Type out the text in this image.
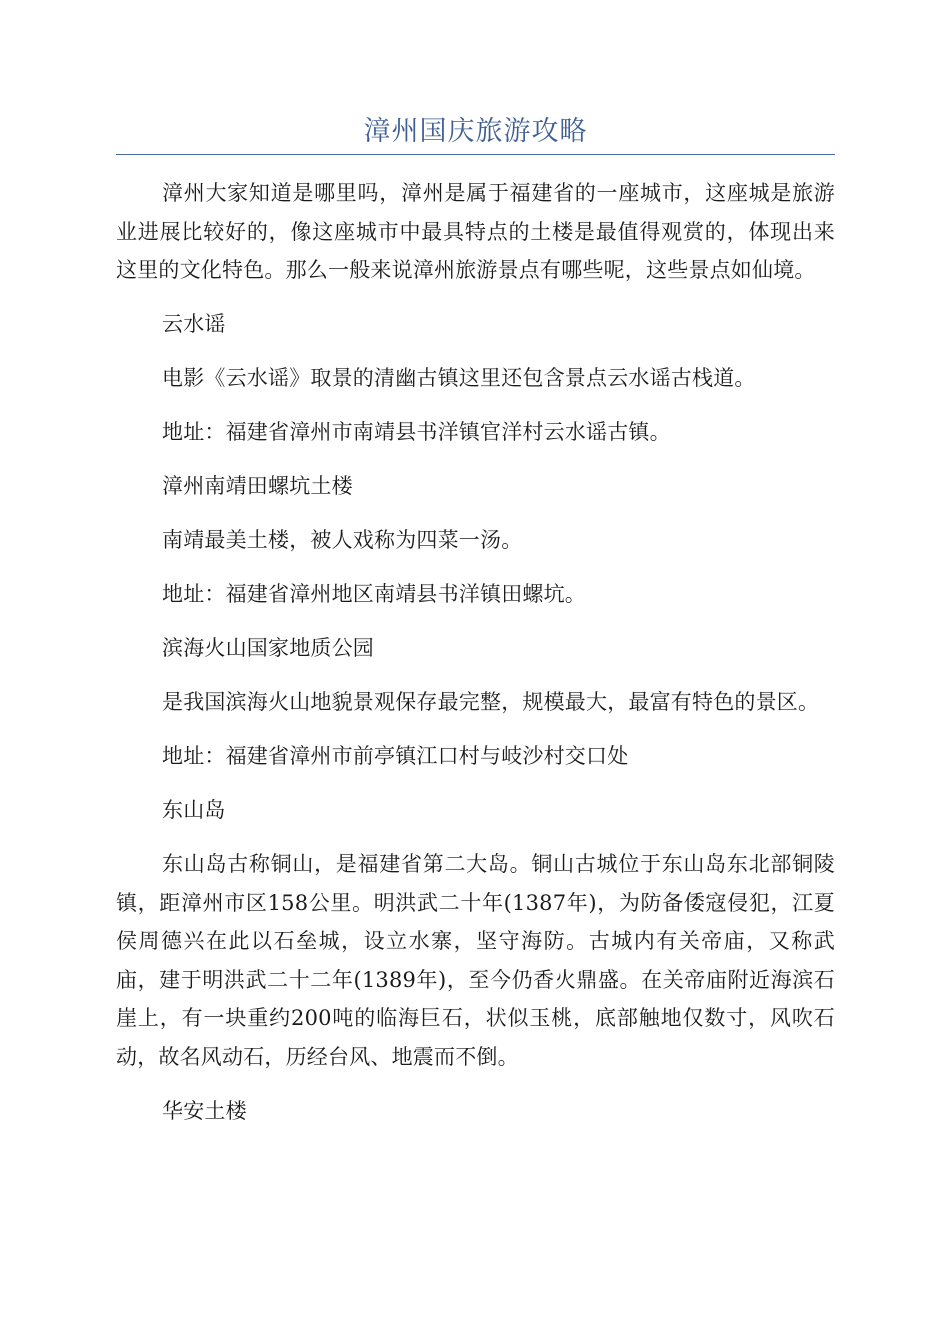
漳州国庆旅游攻略

漳州大家知道是哪里吗，漳州是属于福建省的一座城市，这座城是旅游业进展比较好的，像这座城市中最具特点的土楼是最值得观赏的，体现出来这里的文化特色。那么一般来说漳州旅游景点有哪些呢，这些景点如仙境。

云水谣

电影《云水谣》取景的清幽古镇这里还包含景点云水谣古栈道。

地址：福建省漳州市南靖县书洋镇官洋村云水谣古镇。

漳州南靖田螺坑土楼

南靖最美土楼，被人戏称为四菜一汤。

地址：福建省漳州地区南靖县书洋镇田螺坑。

滨海火山国家地质公园

是我国滨海火山地貌景观保存最完整，规模最大，最富有特色的景区。

地址：福建省漳州市前亭镇江口村与岐沙村交口处

东山岛

东山岛古称铜山，是福建省第二大岛。铜山古城位于东山岛东北部铜陵镇，距漳州市区158公里。明洪武二十年(1387年)，为防备倭寇侵犯，江夏侯周德兴在此以石垒城，设立水寨，坚守海防。古城内有关帝庙，又称武庙，建于明洪武二十二年(1389年)，至今仍香火鼎盛。在关帝庙附近海滨石崖上，有一块重约200吨的临海巨石，状似玉桃，底部触地仅数寸，风吹石动，故名风动石，历经台风、地震而不倒。

华安土楼
